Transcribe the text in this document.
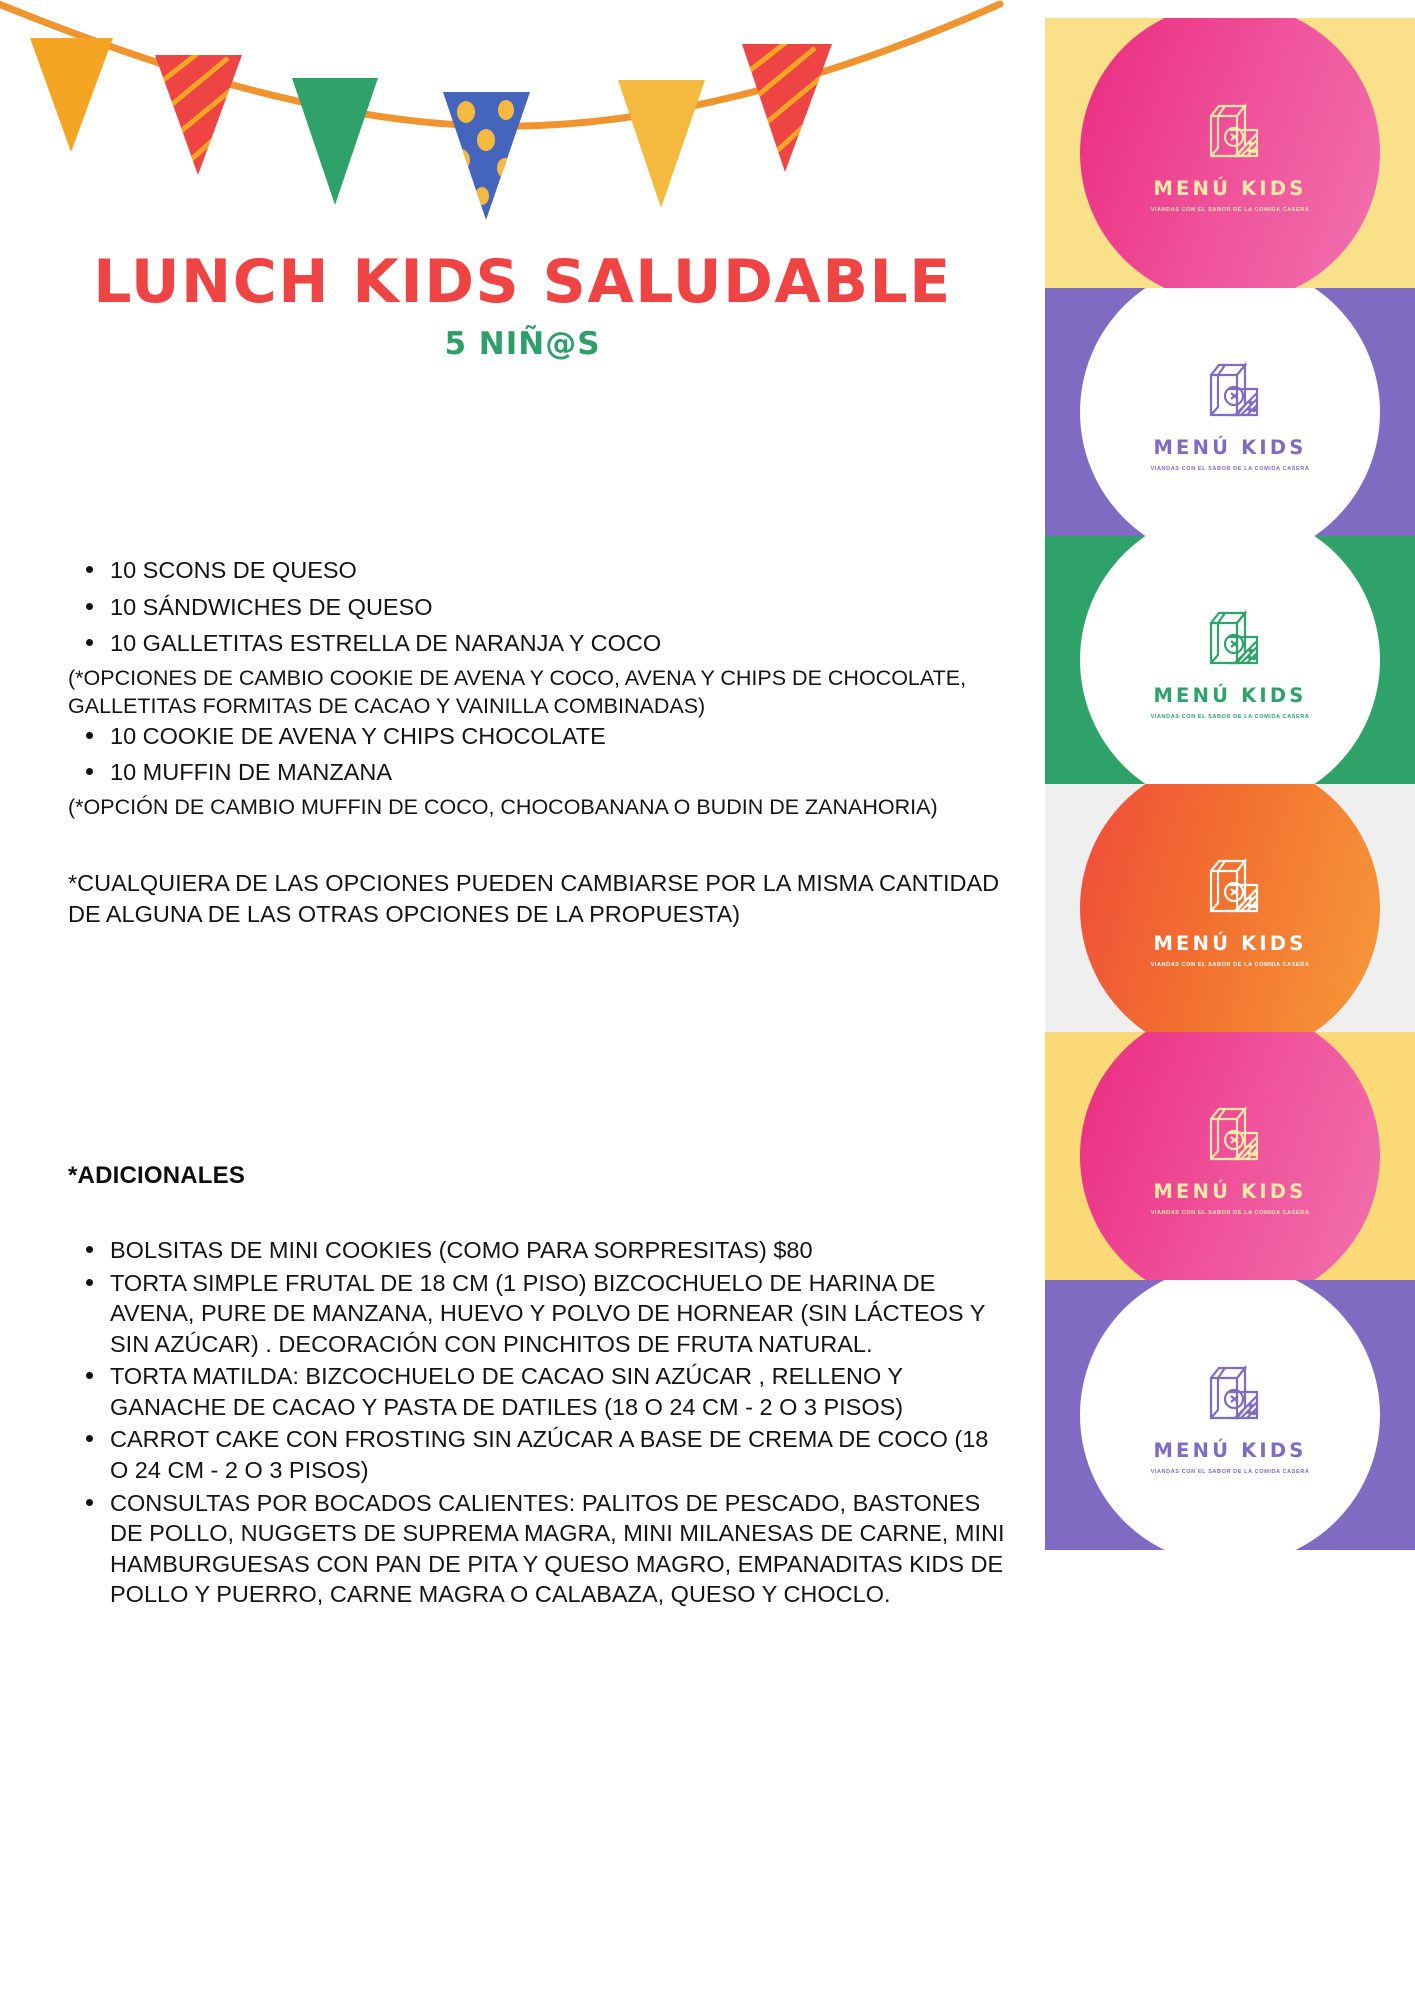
LUNCH KIDS SALUDABLE
5 NIÑ@S
10 SCONS DE QUESO
10 SÁNDWICHES DE QUESO
10 GALLETITAS ESTRELLA DE NARANJA Y COCO

(*OPCIONES DE CAMBIO COOKIE DE AVENA Y COCO, AVENA Y CHIPS DE CHOCOLATE, GALLETITAS FORMITAS DE CACAO Y VAINILLA COMBINADAS)

10 COOKIE DE AVENA Y CHIPS CHOCOLATE
10 MUFFIN DE MANZANA

(*OPCIÓN DE CAMBIO MUFFIN DE COCO, CHOCOBANANA O BUDIN DE ZANAHORIA)

*CUALQUIERA DE LAS OPCIONES PUEDEN CAMBIARSE POR LA MISMA CANTIDAD DE ALGUNA DE LAS OTRAS OPCIONES DE LA PROPUESTA)

*ADICIONALES
BOLSITAS DE MINI COOKIES (COMO PARA SORPRESITAS) $80
TORTA SIMPLE FRUTAL DE 18 CM (1 PISO) BIZCOCHUELO DE HARINA DE AVENA, PURE DE MANZANA, HUEVO Y POLVO DE HORNEAR (SIN LÁCTEOS Y SIN AZÚCAR) . DECORACIÓN CON PINCHITOS DE FRUTA NATURAL.
TORTA MATILDA: BIZCOCHUELO DE CACAO SIN AZÚCAR , RELLENO Y GANACHE DE CACAO Y PASTA DE DATILES (18 O 24 CM - 2 O 3 PISOS)
CARROT CAKE CON FROSTING SIN AZÚCAR A BASE DE CREMA DE COCO (18 O 24 CM - 2 O 3 PISOS)
CONSULTAS POR BOCADOS CALIENTES: PALITOS DE PESCADO, BASTONES DE POLLO, NUGGETS DE SUPREMA MAGRA, MINI MILANESAS DE CARNE, MINI HAMBURGUESAS CON PAN DE PITA Y QUESO MAGRO, EMPANADITAS KIDS DE POLLO Y PUERRO, CARNE MAGRA O CALABAZA, QUESO Y CHOCLO.
MENÚ KIDS
VIANDAS CON EL SABOR DE LA COMIDA CASERA
MENÚ KIDS
VIANDAS CON EL SABOR DE LA COMIDA CASERA
MENÚ KIDS
VIANDAS CON EL SABOR DE LA COMIDA CASERA
MENÚ KIDS
VIANDAS CON EL SABOR DE LA COMIDA CASERA
MENÚ KIDS
VIANDAS CON EL SABOR DE LA COMIDA CASERA
MENÚ KIDS
VIANDAS CON EL SABOR DE LA COMIDA CASERA
